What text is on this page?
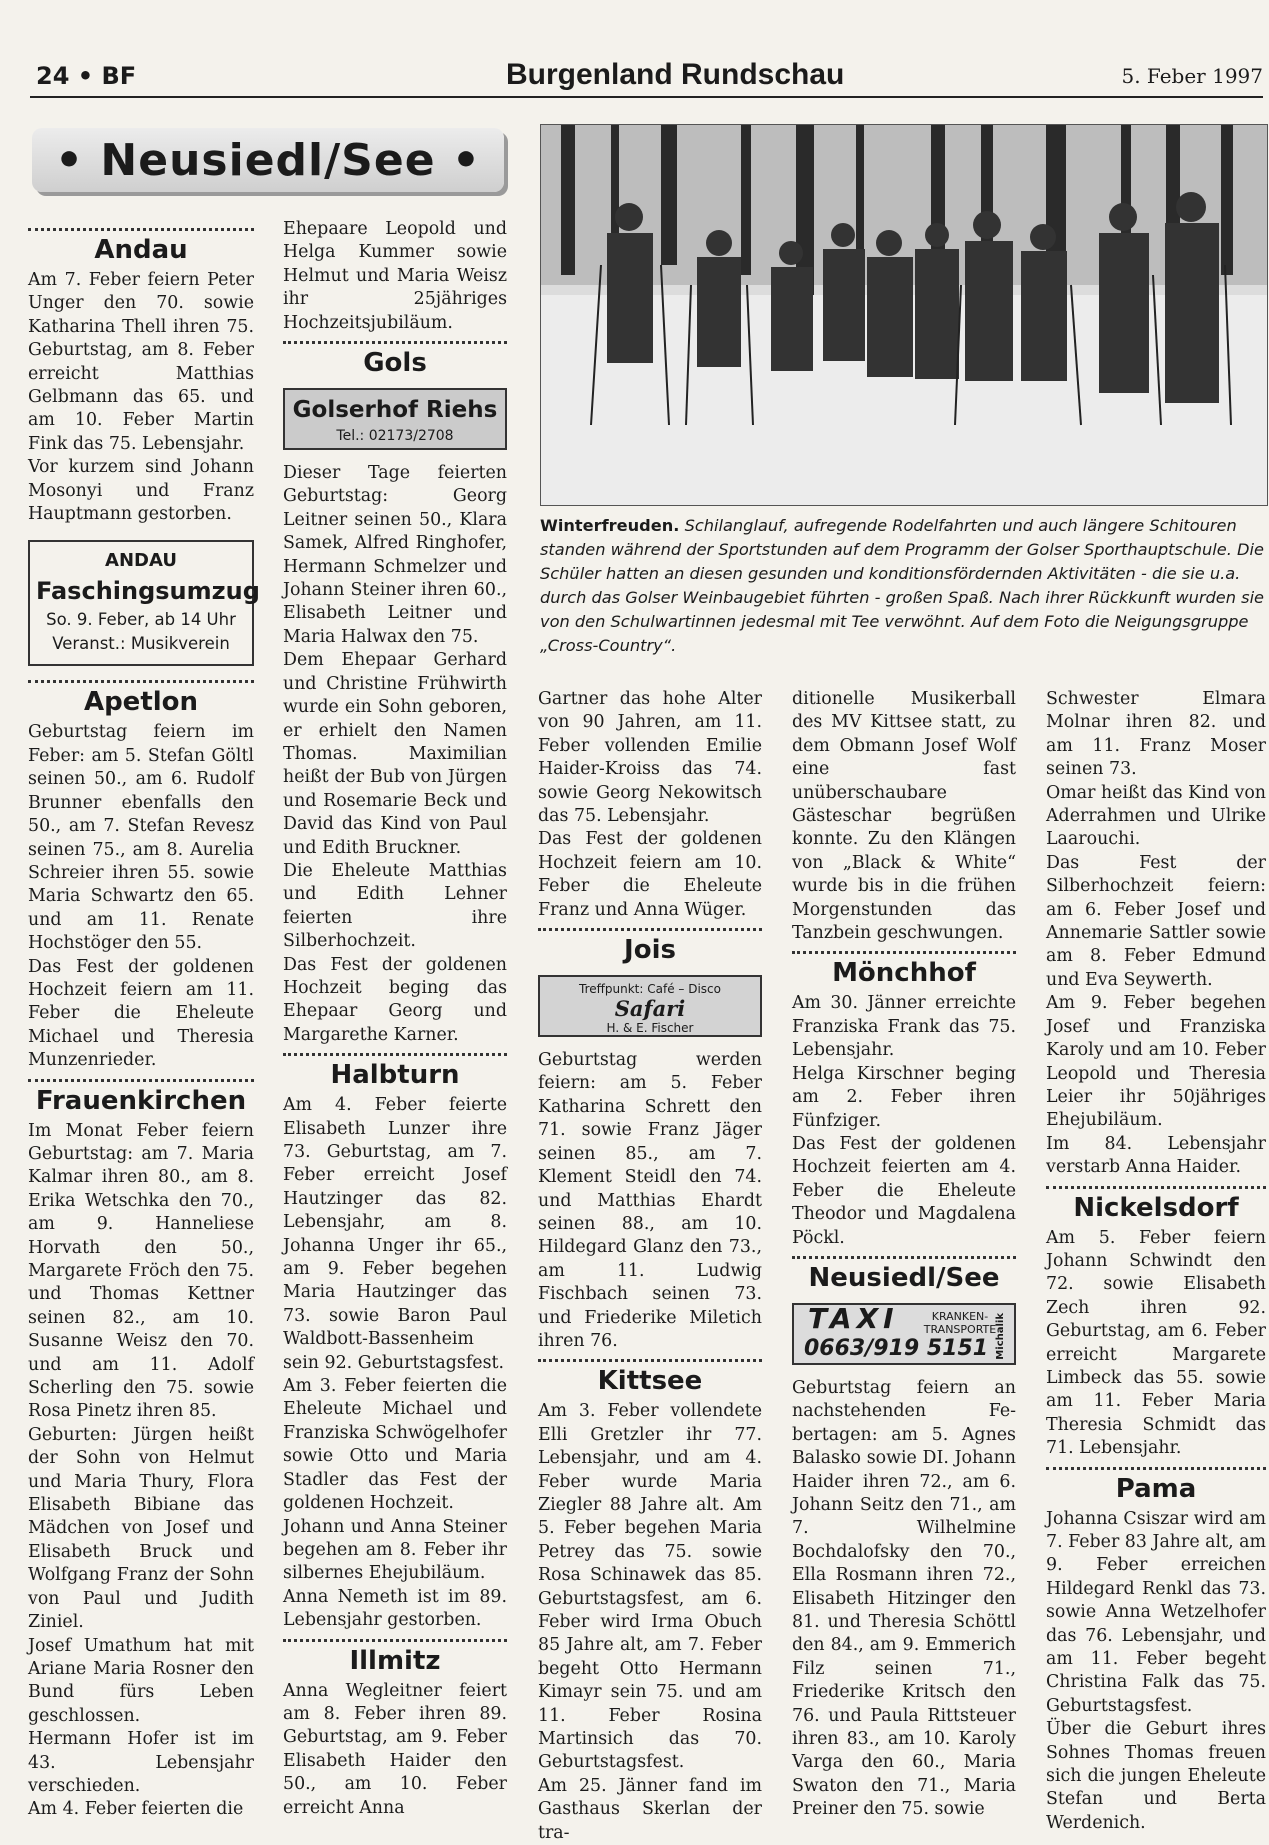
24 • BF	Burgenland Rundschau	5. Feber 1997
• Neusiedl/See •
Andau

Am 7. Feber feiern Peter Unger den 70. sowie Katharina Thell ihren 75. Geburtstag, am 8. Feber erreicht Matthias Gelbmann das 65. und am 10. Feber Martin Fink das 75. Lebensjahr.

Vor kurzem sind Johann Mosonyi und Franz Hauptmann gestorben.

ANDAU
Faschingsumzug
So. 9. Feber, ab 14 Uhr
Veranst.: Musikverein
Apetlon

Geburtstag feiern im Feber: am 5. Stefan Göltl seinen 50., am 6. Rudolf Brunner ebenfalls den 50., am 7. Stefan Revesz seinen 75., am 8. Aurelia Schreier ihren 55. sowie Maria Schwartz den 65. und am 11. Renate Hochstöger den 55.

Das Fest der goldenen Hochzeit feiern am 11. Feber die Eheleute Michael und Theresia Munzenrieder.

Frauenkirchen

Im Monat Feber feiern Geburtstag: am 7. Maria Kalmar ihren 80., am 8. Erika Wetschka den 70., am 9. Hanneliese Horvath den 50., Margarete Fröch den 75. und Thomas Kettner seinen 82., am 10. Susanne Weisz den 70. und am 11. Adolf Scherling den 75. sowie Rosa Pinetz ihren 85.

Geburten: Jürgen heißt der Sohn von Helmut und Maria Thury, Flora Elisabeth Bibiane das Mädchen von Josef und Elisabeth Bruck und Wolfgang Franz der Sohn von Paul und Judith Ziniel.

Josef Umathum hat mit Ariane Maria Rosner den Bund fürs Leben geschlossen.

Hermann Hofer ist im 43. Lebensjahr verschieden.

Am 4. Feber feierten die

Ehepaare Leopold und Helga Kummer sowie Helmut und Maria Weisz ihr 25jähriges Hochzeitsjubiläum.

Gols
Golserhof Riehs
Tel.: 02173/2708

Dieser Tage feierten Geburtstag: Georg Leitner seinen 50., Klara Samek, Alfred Ringhofer, Hermann Schmelzer und Johann Steiner ihren 60., Elisabeth Leitner und Maria Halwax den 75.

Dem Ehepaar Gerhard und Christine Frühwirth wurde ein Sohn geboren, er erhielt den Namen Thomas. Maximilian heißt der Bub von Jürgen und Rosemarie Beck und David das Kind von Paul und Edith Bruckner.

Die Eheleute Matthias und Edith Lehner feierten ihre Silberhochzeit.

Das Fest der goldenen Hochzeit beging das Ehepaar Georg und Margarethe Karner.

Halbturn

Am 4. Feber feierte Elisabeth Lunzer ihre 73. Geburtstag, am 7. Feber erreicht Josef Hautzinger das 82. Lebensjahr, am 8. Johanna Unger ihr 65., am 9. Feber begehen Maria Hautzinger das 73. sowie Baron Paul Waldbott-Bassenheim sein 92. Geburtstagsfest.

Am 3. Feber feierten die Eheleute Michael und Franziska Schwögelhofer sowie Otto und Maria Stadler das Fest der goldenen Hochzeit.

Johann und Anna Steiner begehen am 8. Feber ihr silbernes Ehejubiläum.

Anna Nemeth ist im 89. Lebensjahr gestorben.

Illmitz

Anna Wegleitner feiert am 8. Feber ihren 89. Geburtstag, am 9. Feber Elisabeth Haider den 50., am 10. Feber erreicht Anna

Winterfreuden. Schilanglauf, aufregende Rodelfahrten und auch längere Schitouren standen während der Sportstunden auf dem Programm der Golser Sporthauptschule. Die Schüler hatten an diesen gesunden und konditionsfördernden Aktivitäten - die sie u.a. durch das Golser Weinbaugebiet führten - großen Spaß. Nach ihrer Rückkunft wurden sie von den Schulwartinnen jedesmal mit Tee verwöhnt. Auf dem Foto die Neigungsgruppe „Cross-Country“.

Gartner das hohe Alter von 90 Jahren, am 11. Feber vollenden Emilie Haider-Kroiss das 74. sowie Georg Nekowitsch das 75. Lebensjahr.

Das Fest der goldenen Hochzeit feiern am 10. Feber die Eheleute Franz und Anna Wüger.

Jois
Treffpunkt: Café – Disco
Safari
H. & E. Fischer

Geburtstag werden feiern: am 5. Feber Katharina Schrett den 71. sowie Franz Jäger seinen 85., am 7. Klement Steidl den 74. und Matthias Ehardt seinen 88., am 10. Hildegard Glanz den 73., am 11. Ludwig Fischbach seinen 73. und Friederike Miletich ihren 76.

Kittsee

Am 3. Feber vollendete Elli Gretzler ihr 77. Lebensjahr, und am 4. Feber wurde Maria Ziegler 88 Jahre alt. Am 5. Feber begehen Maria Petrey das 75. sowie Rosa Schinawek das 85. Geburtstagsfest, am 6. Feber wird Irma Obuch 85 Jahre alt, am 7. Feber begeht Otto Hermann Kimayr sein 75. und am 11. Feber Rosina Martinsich das 70. Geburtstagsfest.

Am 25. Jänner fand im Gasthaus Skerlan der tra-

ditionelle Musikerball des MV Kittsee statt, zu dem Obmann Josef Wolf eine fast unüberschaubare Gästeschar begrüßen konnte. Zu den Klängen von „Black & White“ wurde bis in die frühen Morgenstunden das Tanzbein geschwungen.

Mönchhof

Am 30. Jänner erreichte Franziska Frank das 75. Lebensjahr.

Helga Kirschner beging am 2. Feber ihren Fünfziger.

Das Fest der goldenen Hochzeit feierten am 4. Feber die Eheleute Theodor und Magdalena Pöckl.

Neusiedl/See
TAXI	KRANKEN-TRANSPORTE
0663/919 5151 Michalik

Geburtstag feiern an nachstehenden Febertagen: am 5. Agnes Balasko sowie DI. Johann Haider ihren 72., am 6. Johann Seitz den 71., am 7. Wilhelmine Bochdalofsky den 70., Ella Rosmann ihren 72., Elisabeth Hitzinger den 81. und Theresia Schöttl den 84., am 9. Emmerich Filz seinen 71., Friederike Kritsch den 76. und Paula Rittsteuer ihren 83., am 10. Karoly Varga den 60., Maria Swaton den 71., Maria Preiner den 75. sowie

Schwester Elmara Molnar ihren 82. und am 11. Franz Moser seinen 73.

Omar heißt das Kind von Aderrahmen und Ulrike Laarouchi.

Das Fest der Silberhochzeit feiern: am 6. Feber Josef und Annemarie Sattler sowie am 8. Feber Edmund und Eva Seywerth.

Am 9. Feber begehen Josef und Franziska Karoly und am 10. Feber Leopold und Theresia Leier ihr 50jähriges Ehejubiläum.

Im 84. Lebensjahr verstarb Anna Haider.

Nickelsdorf

Am 5. Feber feiern Johann Schwindt den 72. sowie Elisabeth Zech ihren 92. Geburtstag, am 6. Feber erreicht Margarete Limbeck das 55. sowie am 11. Feber Maria Theresia Schmidt das 71. Lebensjahr.

Pama

Johanna Csiszar wird am 7. Feber 83 Jahre alt, am 9. Feber erreichen Hildegard Renkl das 73. sowie Anna Wetzelhofer das 76. Lebensjahr, und am 11. Feber begeht Christina Falk das 75. Geburtstagsfest.

Über die Geburt ihres Sohnes Thomas freuen sich die jungen Eheleute Stefan und Berta Werdenich.
